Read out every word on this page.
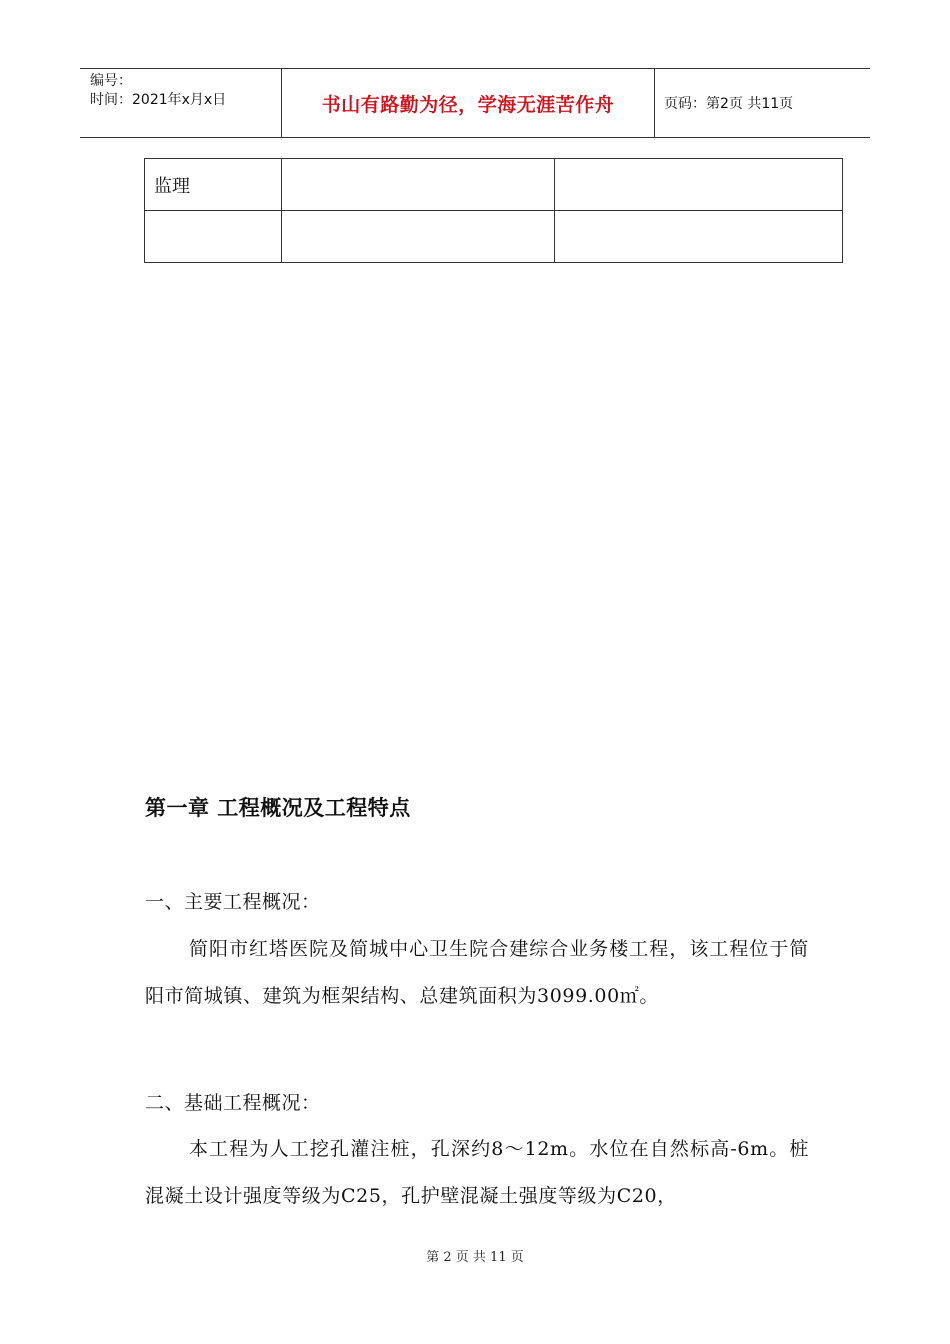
编号：
时间：2021年x月x日	书山有路勤为径，学海无涯苦作舟	页码：第2页 共11页
监理		

第一章 工程概况及工程特点
一、主要工程概况：

简阳市红塔医院及简城中心卫生院合建综合业务楼工程，该工程位于简阳市简城镇、建筑为框架结构、总建筑面积为3099.00㎡。

二、基础工程概况：

本工程为人工挖孔灌注桩，孔深约8～12m。水位在自然标高-6m。桩混凝土设计强度等级为C25，孔护壁混凝土强度等级为C20，

第 2 页 共 11 页
